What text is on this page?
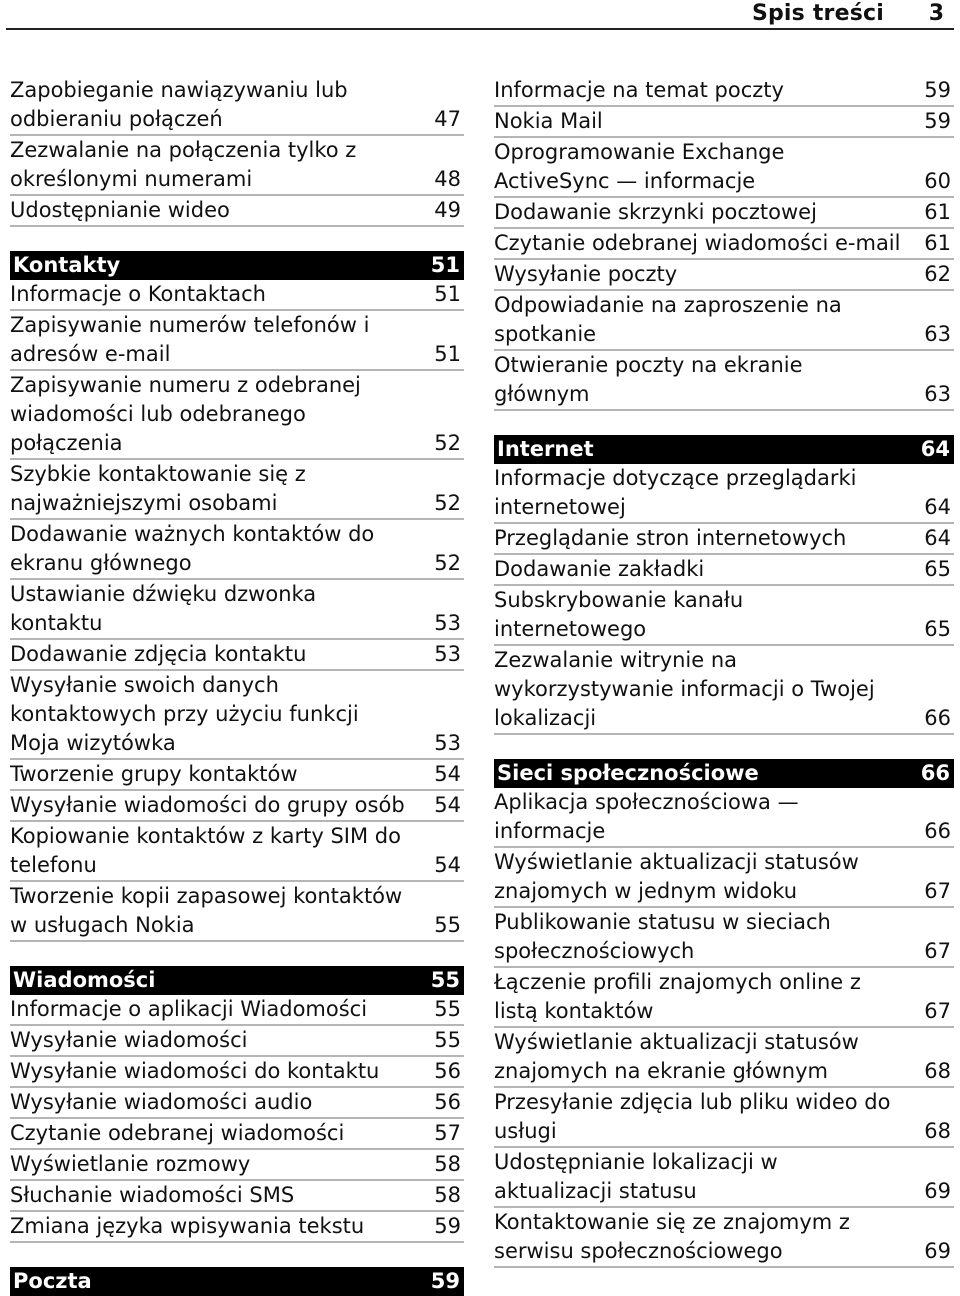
Spis treści 3
Zapobieganie nawiązywaniu lub odbieraniu połączeń	47
Zezwalanie na połączenia tylko z określonymi numerami	48
Udostępnianie wideo	49
Kontakty	51
Informacje o Kontaktach	51
Zapisywanie numerów telefonów i adresów e-mail	51
Zapisywanie numeru z odebranej wiadomości lub odebranego połączenia	52
Szybkie kontaktowanie się z najważniejszymi osobami	52
Dodawanie ważnych kontaktów do ekranu głównego	52
Ustawianie dźwięku dzwonka kontaktu	53
Dodawanie zdjęcia kontaktu	53
Wysyłanie swoich danych kontaktowych przy użyciu funkcji Moja wizytówka	53
Tworzenie grupy kontaktów	54
Wysyłanie wiadomości do grupy osób 54
Kopiowanie kontaktów z karty SIM do telefonu	54
Tworzenie kopii zapasowej kontaktów w usługach Nokia	55
Wiadomości	55
Informacje o aplikacji Wiadomości	55
Wysyłanie wiadomości	55
Wysyłanie wiadomości do kontaktu	56
Wysyłanie wiadomości audio	56
Czytanie odebranej wiadomości	57
Wyświetlanie rozmowy	58
Słuchanie wiadomości SMS	58
Zmiana języka wpisywania tekstu	59
Poczta	59
Informacje na temat poczty	59
Nokia Mail	59
Oprogramowanie Exchange ActiveSync — informacje	60
Dodawanie skrzynki pocztowej	61
Czytanie odebranej wiadomości e-mail 61
Wysyłanie poczty	62
Odpowiadanie na zaproszenie na spotkanie	63
Otwieranie poczty na ekranie głównym	63
Internet	64
Informacje dotyczące przeglądarki internetowej	64
Przeglądanie stron internetowych	64
Dodawanie zakładki	65
Subskrybowanie kanału internetowego	65
Zezwalanie witrynie na wykorzystywanie informacji o Twojej lokalizacji	66
Sieci społecznościowe	66
Aplikacja społecznościowa — informacje	66
Wyświetlanie aktualizacji statusów znajomych w jednym widoku	67
Publikowanie statusu w sieciach społecznościowych	67
Łączenie profili znajomych online z listą kontaktów	67
Wyświetlanie aktualizacji statusów znajomych na ekranie głównym	68
Przesyłanie zdjęcia lub pliku wideo do usługi	68
Udostępnianie lokalizacji w aktualizacji statusu	69
Kontaktowanie się ze znajomym z serwisu społecznościowego	69
